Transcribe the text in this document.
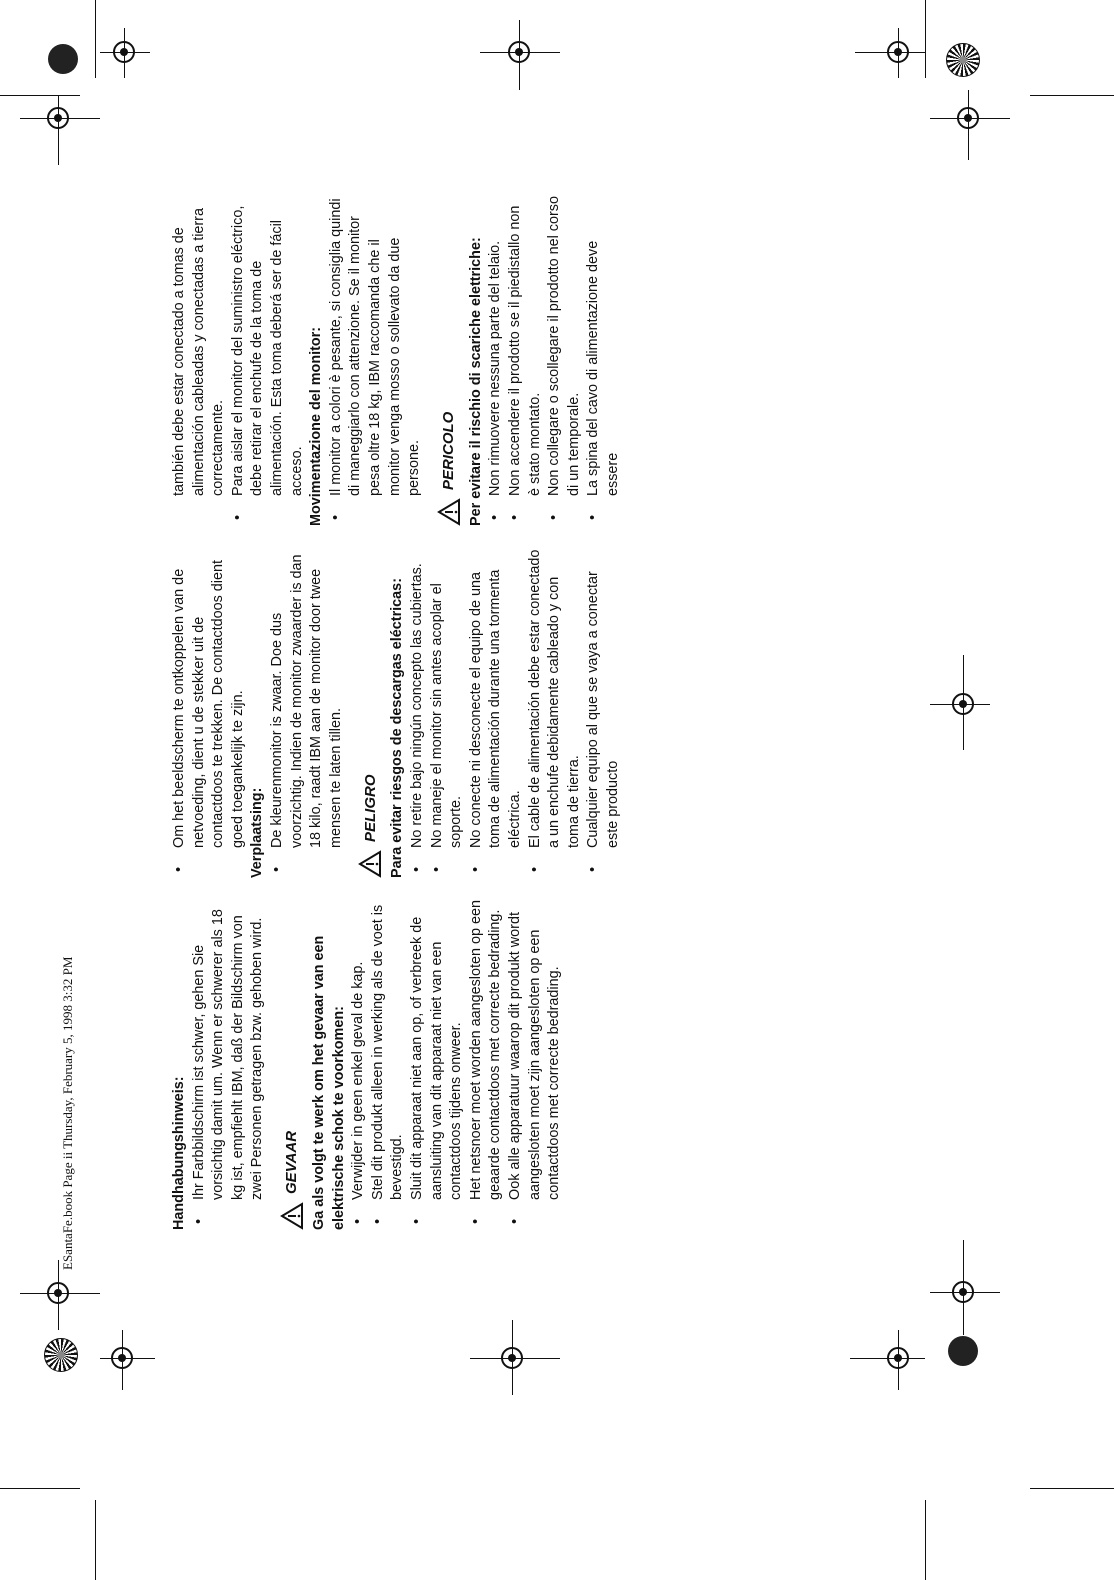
ESantaFe.book Page ii Thursday, February 5, 1998 3:32 PM	Handhabungshinweis: • Ihr Farbbildschirm ist schwer, gehen Sie vorsichtig damit um. Wenn er schwerer als 18 kg ist, empfiehlt IBM, daß der Bildschirm von zwei Personen getragen bzw. gehoben wird. GEVAAR Ga als volgt te werk om het gevaar van een elektrische schok te voorkomen: • Verwijder in geen enkel geval de kap. • Stel dit produkt alleen in werking als de voet is bevestigd. • Sluit dit apparaat niet aan op, of verbreek de aansluiting van dit apparaat niet van een contactdoos tijdens onweer. • Het netsnoer moet worden aangesloten op een geaarde contactdoos met correcte bedrading. • Ook alle apparatuur waarop dit produkt wordt aangesloten moet zijn aangesloten op een contactdoos met correcte bedrading.
• Om het beeldscherm te ontkoppelen van de netvoeding, dient u de stekker uit de contactdoos te trekken. De contactdoos dient goed toegankelijk te zijn. Verplaatsing: • De kleurenmonitor is zwaar. Doe dus voorzichtig. Indien de monitor zwaarder is dan 18 kilo, raadt IBM aan de monitor door twee mensen te laten tillen. PELIGRO Para evitar riesgos de descargas eléctricas: • No retire bajo ningún concepto las cubiertas. • No maneje el monitor sin antes acoplar el soporte. • No conecte ni desconecte el equipo de una toma de alimentación durante una tormenta eléctrica. • El cable de alimentación debe estar conectado a un enchufe debidamente cableado y con toma de tierra. • Cualquier equipo al que se vaya a conectar este producto
también debe estar conectado a tomas de alimentación cableadas y conectadas a tierra correctamente. • Para aislar el monitor del suministro eléctrico, debe retirar el enchufe de la toma de alimentación. Esta toma deberá ser de fácil acceso. Movimentazione del monitor: • Il monitor a colori è pesante, si consiglia quindi di maneggiarlo con attenzione. Se il monitor pesa oltre 18 kg, IBM raccomanda che il monitor venga mosso o sollevato da due persone. PERICOLO Per evitare il rischio di scariche elettriche: • Non rimuovere nessuna parte del telaio. • Non accendere il prodotto se il piedistallo non è stato montato. • Non collegare o scollegare il prodotto nel corso di un temporale. • La spina del cavo di alimentazione deve essere
